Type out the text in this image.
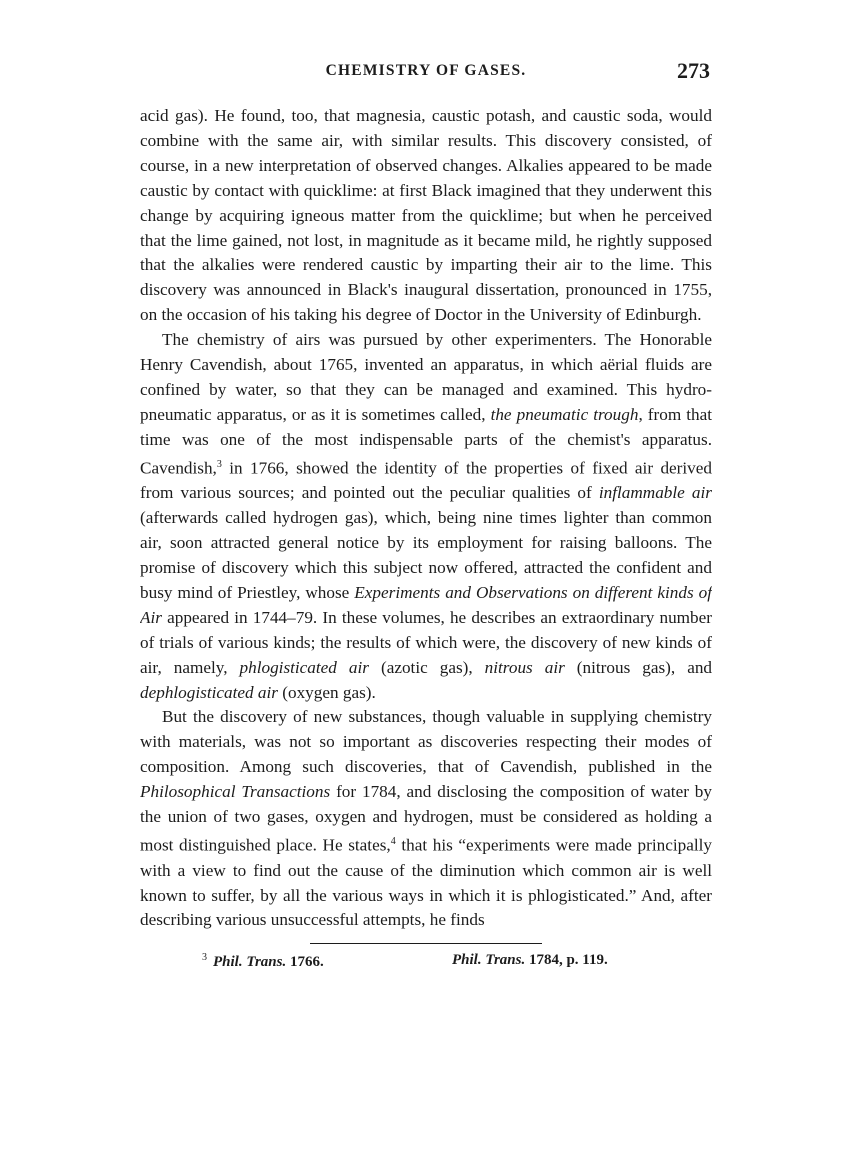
CHEMISTRY OF GASES.	273

acid gas). He found, too, that magnesia, caustic potash, and caustic soda, would combine with the same air, with similar results. This discovery consisted, of course, in a new interpretation of observed changes. Alkalies appeared to be made caustic by contact with quicklime: at first Black imagined that they underwent this change by acquiring igneous matter from the quicklime; but when he perceived that the lime gained, not lost, in magnitude as it became mild, he rightly supposed that the alkalies were rendered caustic by imparting their air to the lime. This discovery was announced in Black's inaugural dissertation, pronounced in 1755, on the occasion of his taking his degree of Doctor in the University of Edinburgh.

The chemistry of airs was pursued by other experimenters. The Honorable Henry Cavendish, about 1765, invented an apparatus, in which aërial fluids are confined by water, so that they can be managed and examined. This hydro-pneumatic apparatus, or as it is sometimes called, the pneumatic trough, from that time was one of the most indispensable parts of the chemist's apparatus. Cavendish,$^3$ in 1766, showed the identity of the properties of fixed air derived from various sources; and pointed out the peculiar qualities of inflammable air (afterwards called hydrogen gas), which, being nine times lighter than common air, soon attracted general notice by its employment for raising balloons. The promise of discovery which this subject now offered, attracted the confident and busy mind of Priestley, whose Experiments and Observations on different kinds of Air appeared in 1744–79. In these volumes, he describes an extraordinary number of trials of various kinds; the results of which were, the discovery of new kinds of air, namely, phlogisticated air (azotic gas), nitrous air (nitrous gas), and dephlogisticated air (oxygen gas).

But the discovery of new substances, though valuable in supplying chemistry with materials, was not so important as discoveries respecting their modes of composition. Among such discoveries, that of Cavendish, published in the Philosophical Transactions for 1784, and disclosing the composition of water by the union of two gases, oxygen and hydrogen, must be considered as holding a most distinguished place. He states,$^4$ that his “experiments were made principally with a view to find out the cause of the diminution which common air is well known to suffer, by all the various ways in which it is phlogisticated.” And, after describing various unsuccessful attempts, he finds

$^3$ Phil. Trans. 1766.	Phil. Trans. 1784, p. 119.
